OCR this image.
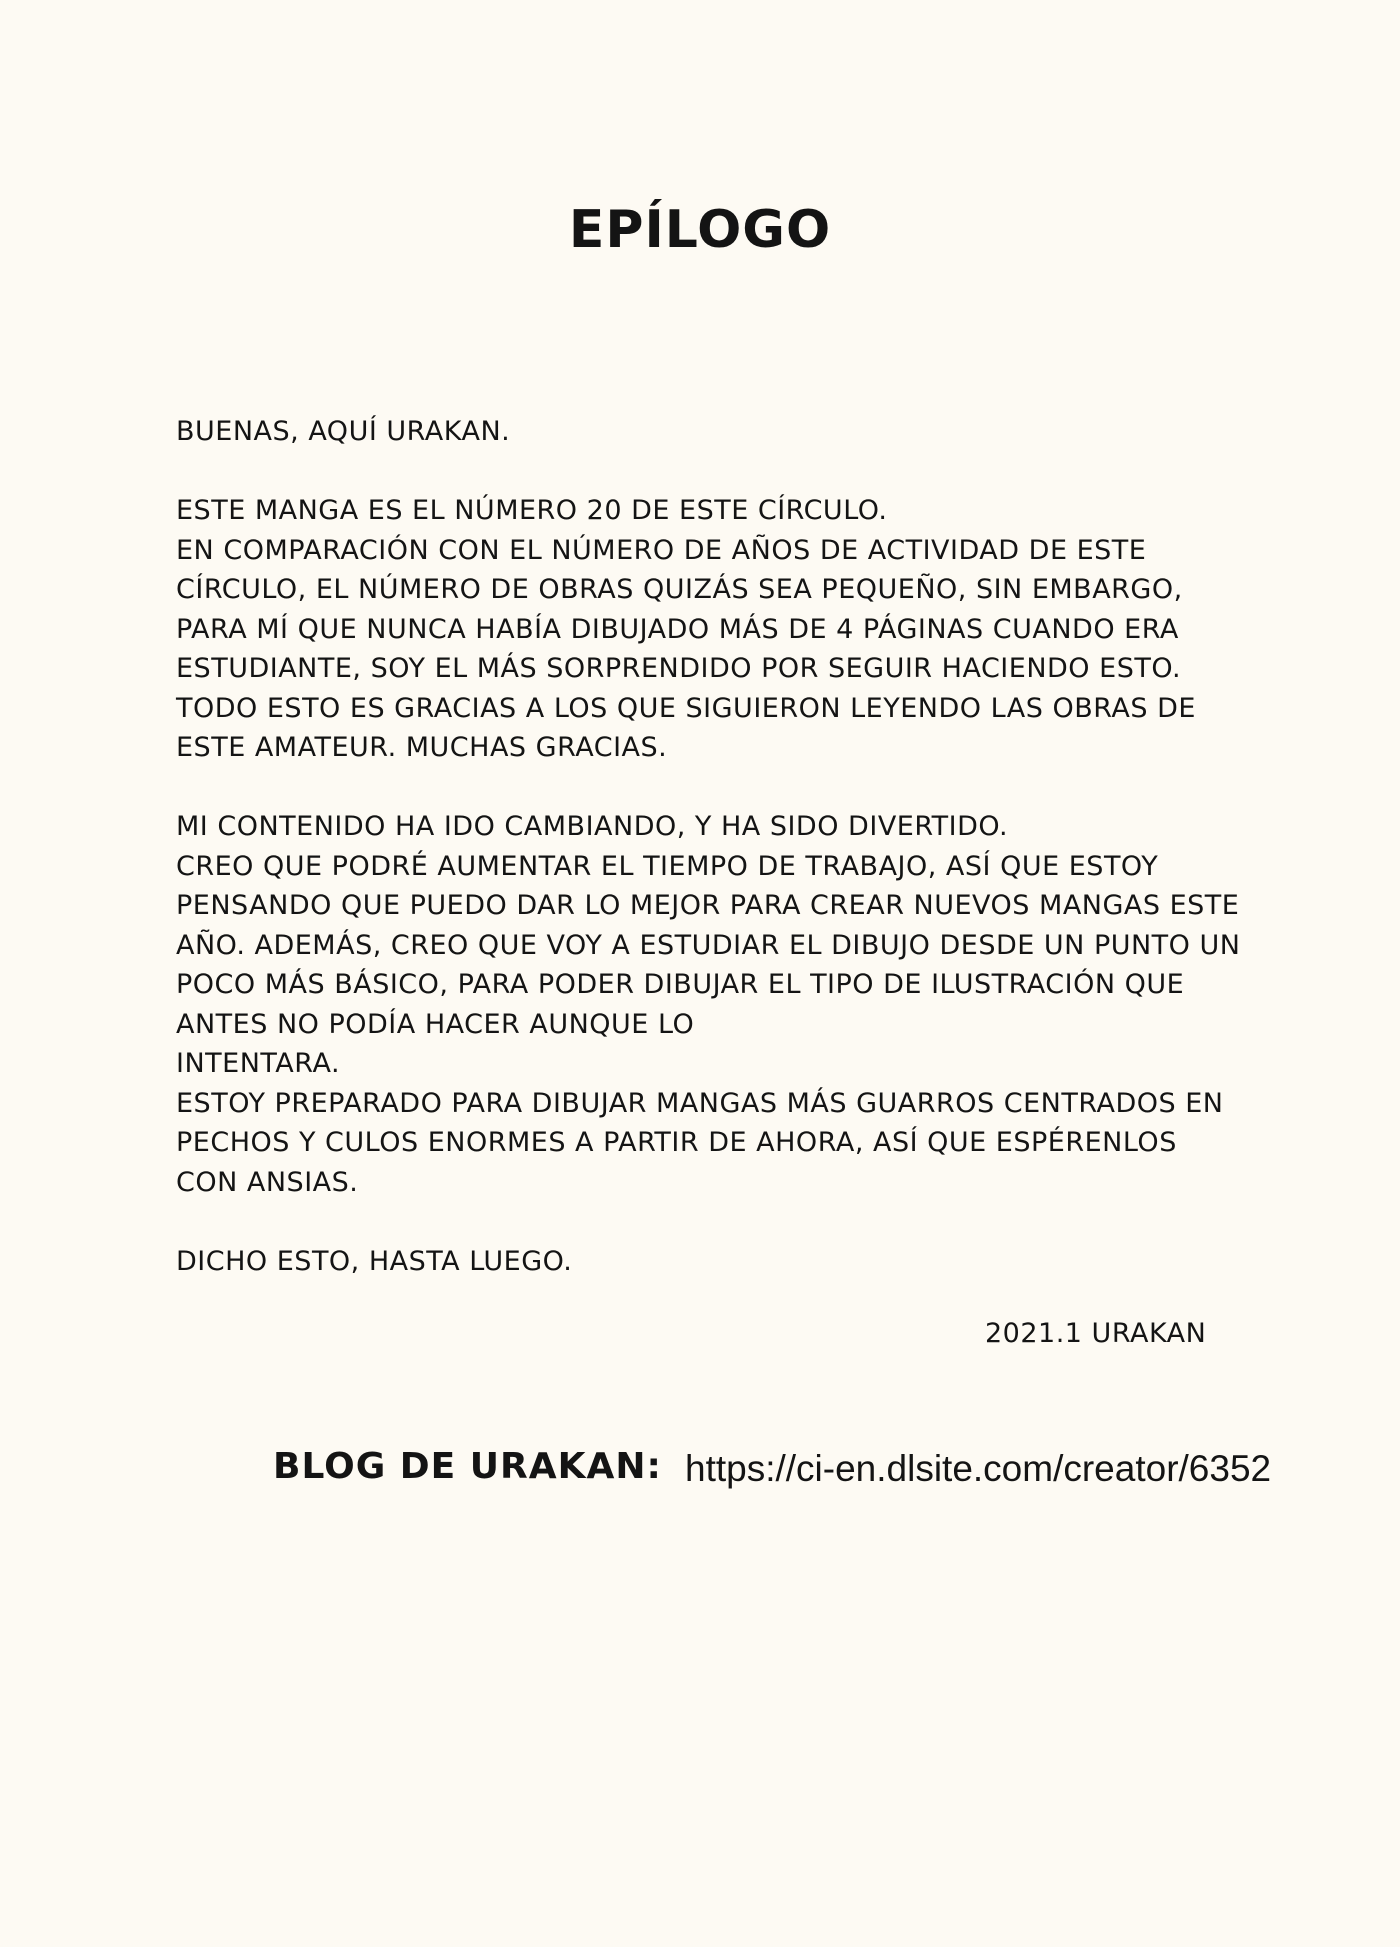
EPÍLOGO

BUENAS, AQUÍ URAKAN.

ESTE MANGA ES EL NÚMERO 20 DE ESTE CÍRCULO.
EN COMPARACIÓN CON EL NÚMERO DE AÑOS DE ACTIVIDAD DE ESTE
CÍRCULO, EL NÚMERO DE OBRAS QUIZÁS SEA PEQUEÑO, SIN EMBARGO,
PARA MÍ QUE NUNCA HABÍA DIBUJADO MÁS DE 4 PÁGINAS CUANDO ERA
ESTUDIANTE, SOY EL MÁS SORPRENDIDO POR SEGUIR HACIENDO ESTO.
TODO ESTO ES GRACIAS A LOS QUE SIGUIERON LEYENDO LAS OBRAS DE
ESTE AMATEUR. MUCHAS GRACIAS.

MI CONTENIDO HA IDO CAMBIANDO, Y HA SIDO DIVERTIDO.
CREO QUE PODRÉ AUMENTAR EL TIEMPO DE TRABAJO, ASÍ QUE ESTOY
PENSANDO QUE PUEDO DAR LO MEJOR PARA CREAR NUEVOS MANGAS ESTE
AÑO. ADEMÁS, CREO QUE VOY A ESTUDIAR EL DIBUJO DESDE UN PUNTO UN
POCO MÁS BÁSICO, PARA PODER DIBUJAR EL TIPO DE ILUSTRACIÓN QUE
ANTES NO PODÍA HACER AUNQUE LO
INTENTARA.
ESTOY PREPARADO PARA DIBUJAR MANGAS MÁS GUARROS CENTRADOS EN
PECHOS Y CULOS ENORMES A PARTIR DE AHORA, ASÍ QUE ESPÉRENLOS
CON ANSIAS.

DICHO ESTO, HASTA LUEGO.

2021.1 URAKAN
BLOG DE URAKAN: https://ci-en.dlsite.com/creator/6352
